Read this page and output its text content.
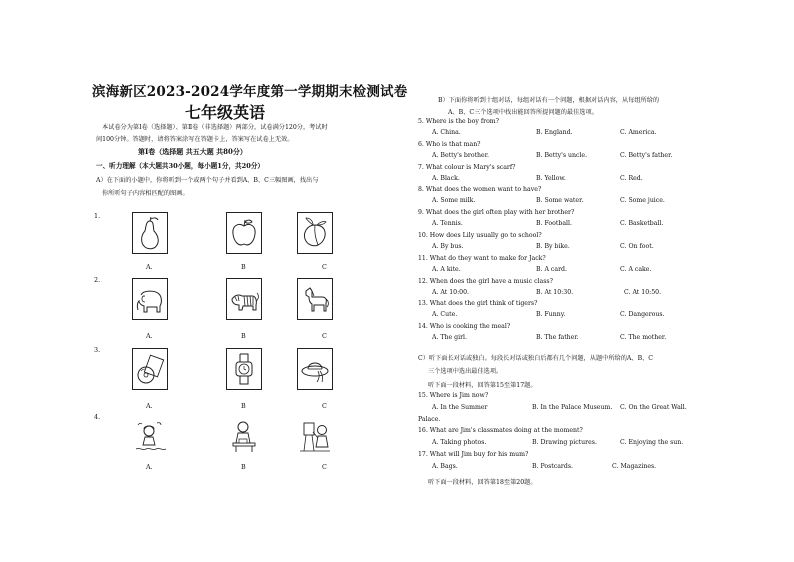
滨海新区2023-2024学年度第一学期期末检测试卷
七年级英语
本试卷分为第Ⅰ卷（选择题）、第Ⅱ卷（非选择题）两部分，试卷满分120分，考试时
间100分钟。答题时，请将答案涂写在答题卡上，答案写在试卷上无效。
第Ⅰ卷（选择题 共五大题 共80分）
一、听力理解（本大题共30小题，每小题1分，共20分）
A）在下面的小题中，你将听到一个或两个句子并看到A、B、C三幅图画，找出与
你所听句子内容相匹配的图画。
1.
A.	B	C
2.
A.	B	C
3.
A.	B	C
4.
A.	B	C
B）下面你将听到十组对话，每组对话有一个问题，根据对话内容，从每组所给的
A、B、C三个选项中找出能回答所提问题的最佳选项。
5. Where is the boy from?
A. China.	B. England.	C. America.
6. Who is that man?
A. Betty's brother.	B. Betty's uncle.	C. Betty's father.
7. What colour is Mary's scarf?
A. Black.	B. Yellow.	C. Red.
8. What does the women want to have?
A. Some milk.	B. Some water.	C. Some juice.
9. What does the girl often play with her brother?
A. Tennis.	B. Football.	C. Basketball.
10. How does Lily usually go to school?
A. By bus.	B. By bike.	C. On foot.
11. What do they want to make for Jack?
A. A kite.	B. A card.	C. A cake.
12. When does the girl have a music class?
A. At 10:00.	B. At 10:30.	C. At 10:50.
13. What does the girl think of tigers?
A. Cute.	B. Funny.	C. Dangerous.
14. Who is cooking the meal?
A. The girl.	B. The father.	C. The mother.
C）听下面长对话或独白。每段长对话或独白后都有几个问题，从题中所给的A、B、C
三个选项中选出最佳选项。
听下面一段材料，回答第15至第17题。
15. Where is Jim now?
A. In the Summer	B. In the Palace Museum. C. On the Great Wall.
Palace.
16. What are Jim's classmates doing at the moment?
A. Taking photos.	B. Drawing pictures.	C. Enjoying the sun.
17. What will Jim buy for his mum?
A. Bags.	B. Postcards.	C. Magazines.
听下面一段材料，回答第18至第20题。
